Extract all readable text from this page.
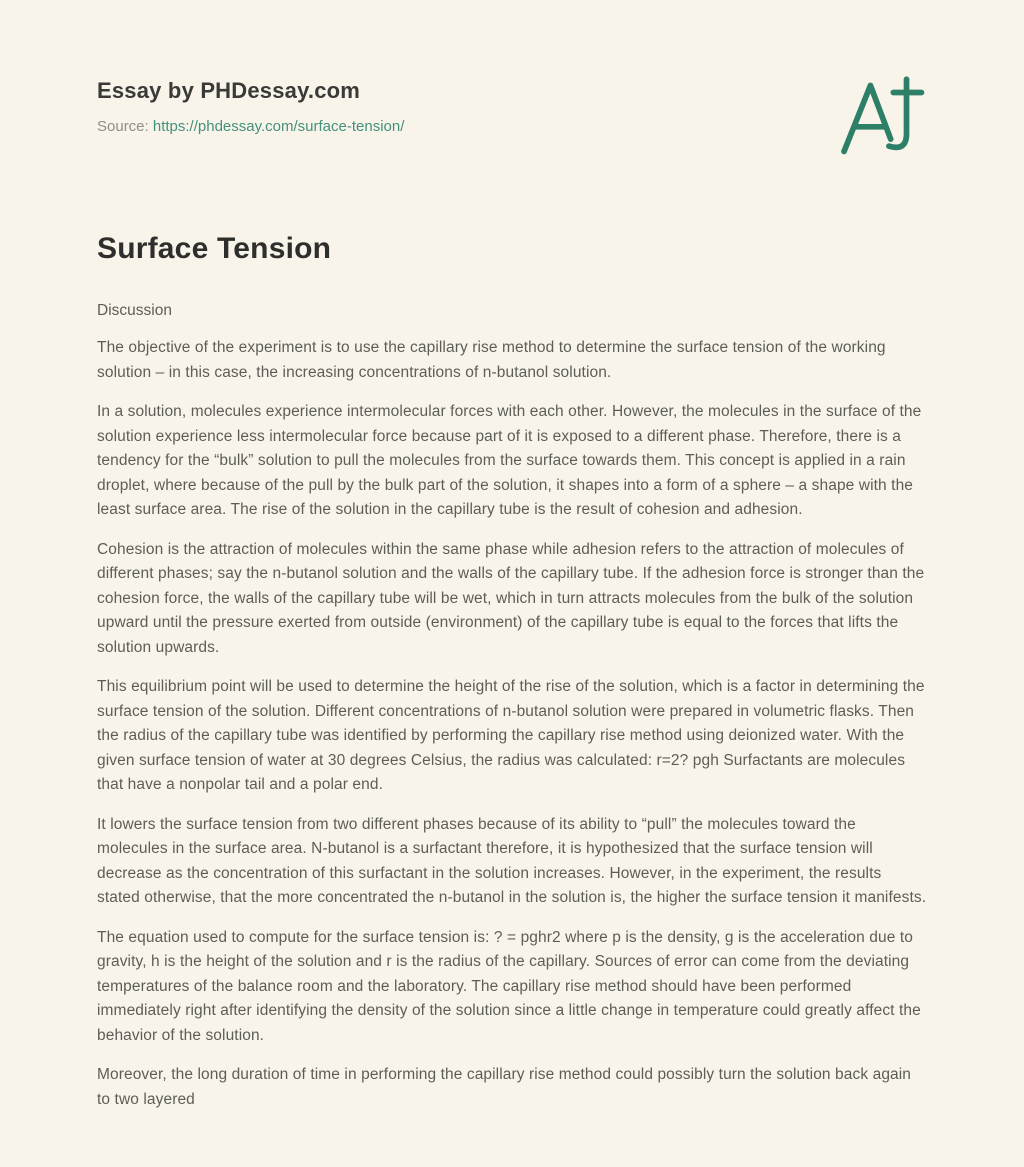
Essay by PHDessay.com
Source: https://phdessay.com/surface-tension/
Surface Tension

Discussion

The objective of the experiment is to use the capillary rise method to determine the surface tension of the working solution – in this case, the increasing concentrations of n-butanol solution.

In a solution, molecules experience intermolecular forces with each other. However, the molecules in the surface of the solution experience less intermolecular force because part of it is exposed to a different phase. Therefore, there is a tendency for the “bulk” solution to pull the molecules from the surface towards them. This concept is applied in a rain droplet, where because of the pull by the bulk part of the solution, it shapes into a form of a sphere – a shape with the least surface area. The rise of the solution in the capillary tube is the result of cohesion and adhesion.

Cohesion is the attraction of molecules within the same phase while adhesion refers to the attraction of molecules of different phases; say the n-butanol solution and the walls of the capillary tube. If the adhesion force is stronger than the cohesion force, the walls of the capillary tube will be wet, which in turn attracts molecules from the bulk of the solution upward until the pressure exerted from outside (environment) of the capillary tube is equal to the forces that lifts the solution upwards.

This equilibrium point will be used to determine the height of the rise of the solution, which is a factor in determining the surface tension of the solution. Different concentrations of n-butanol solution were prepared in volumetric flasks. Then the radius of the capillary tube was identified by performing the capillary rise method using deionized water. With the given surface tension of water at 30 degrees Celsius, the radius was calculated: r=2? pgh Surfactants are molecules that have a nonpolar tail and a polar end.

It lowers the surface tension from two different phases because of its ability to “pull” the molecules toward the molecules in the surface area. N-butanol is a surfactant therefore, it is hypothesized that the surface tension will decrease as the concentration of this surfactant in the solution increases. However, in the experiment, the results stated otherwise, that the more concentrated the n-butanol in the solution is, the higher the surface tension it manifests.

The equation used to compute for the surface tension is: ? = pghr2 where p is the density, g is the acceleration due to gravity, h is the height of the solution and r is the radius of the capillary. Sources of error can come from the deviating temperatures of the balance room and the laboratory. The capillary rise method should have been performed immediately right after identifying the density of the solution since a little change in temperature could greatly affect the behavior of the solution.

Moreover, the long duration of time in performing the capillary rise method could possibly turn the solution back again to two layered
